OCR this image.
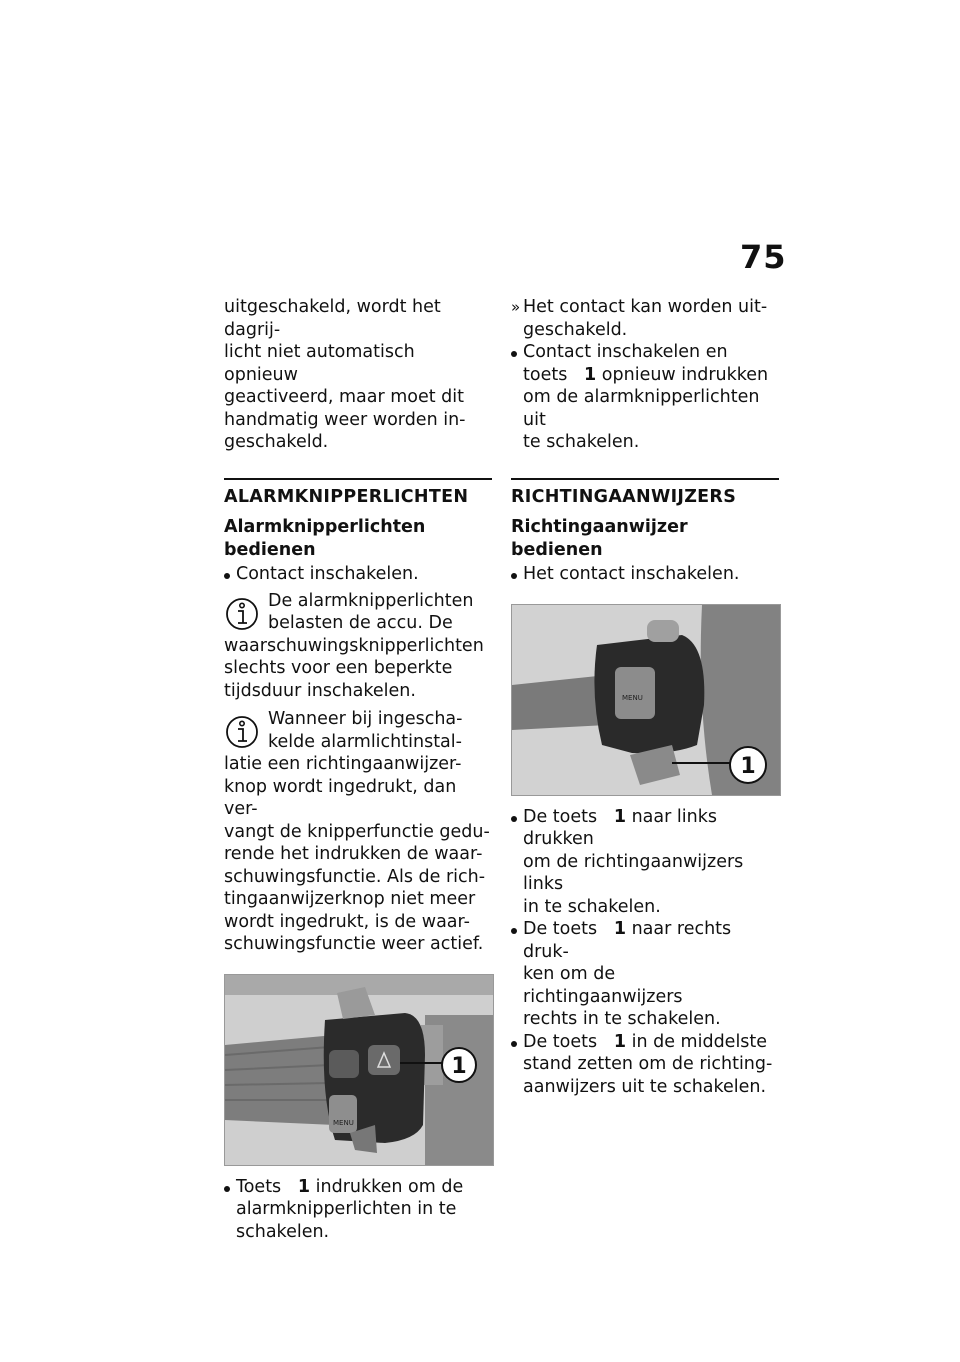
75

uitgeschakeld, wordt het dagrij-
licht niet automatisch opnieuw
geactiveerd, maar moet dit
handmatig weer worden in-
geschakeld.

ALARMKNIPPERLICHTEN
Alarmknipperlichten bedienen
Contact inschakelen.
De alarmknipperlichten
belasten de accu. De
waarschuwingsknipperlichten
slechts voor een beperkte
tijdsduur inschakelen.
Wanneer bij ingescha-
kelde alarmlichtinstal-
latie een richtingaanwijzer-
knop wordt ingedrukt, dan ver-
vangt de knipperfunctie gedu-
rende het indrukken de waar-
schuwingsfunctie. Als de rich-
tingaanwijzerknop niet meer
wordt ingedrukt, is de waar-
schuwingsfunctie weer actief.
MENU
1
Toets 1 indrukken om de
alarmknipperlichten in te
schakelen.
» Het contact kan worden uit-
geschakeld.
Contact inschakelen en
toets 1 opnieuw indrukken
om de alarmknipperlichten uit
te schakelen.
RICHTINGAANWIJZERS
Richtingaanwijzer bedienen
Het contact inschakelen.
MENU
1
De toets 1 naar links drukken
om de richtingaanwijzers links
in te schakelen.
De toets 1 naar rechts druk-
ken om de richtingaanwijzers
rechts in te schakelen.
De toets 1 in de middelste
stand zetten om de richting-
aanwijzers uit te schakelen.
